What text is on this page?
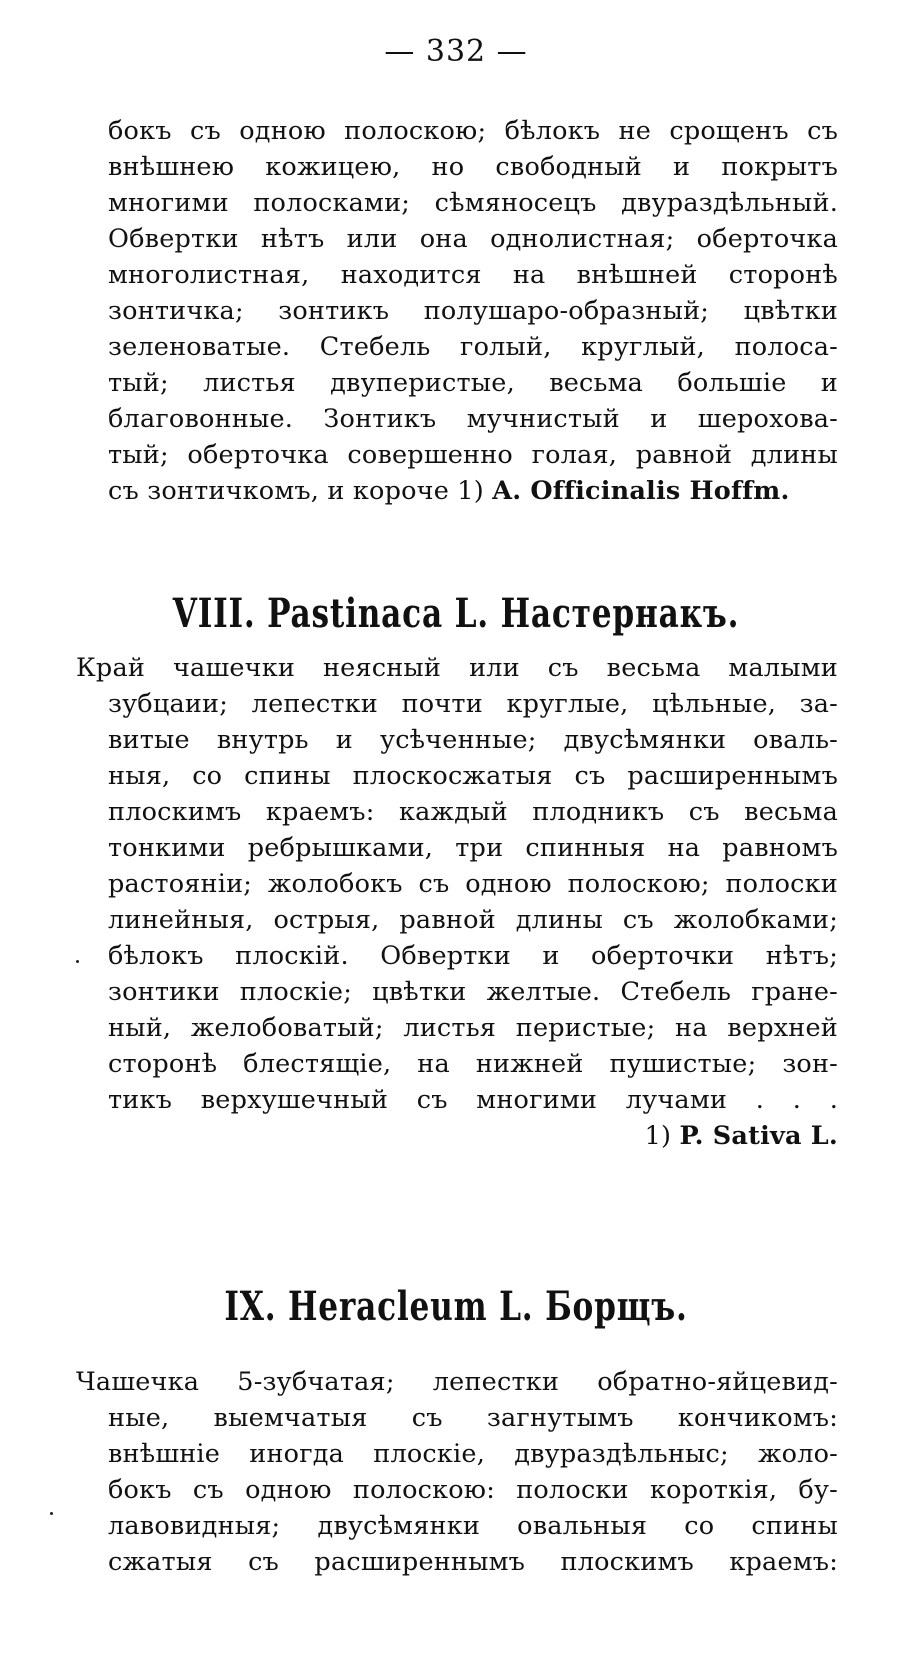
— 332 —
бокъ съ одною полоскою; бѣлокъ не срощенъ съ
внѣшнею кожицею, но свободный и покрытъ
многими полосками; сѣмяносецъ двураздѣльный.
Обвертки нѣтъ или она однолистная; оберточка
многолистная, находится на внѣшней сторонѣ
зонтичка; зонтикъ полушаро-образный; цвѣтки
зеленоватые. Стебель голый, круглый, полоса-
тый; листья двуперистые, весьма большіе и
благовонные. Зонтикъ мучнистый и шерохова-
тый; оберточка совершенно голая, равной длины
съ зонтичкомъ, и короче 1) A. Officinalis Hoffm.
VIII. Pastinaca L. Настернакъ.
Край чашечки неясный или съ весьма малыми
зубцаии; лепестки почти круглые, цѣльные, за-
витые внутрь и усѣченные; двусѣмянки оваль-
ныя, со спины плоскосжатыя съ расширеннымъ
плоскимъ краемъ: каждый плодникъ съ весьма
тонкими ребрышками, три спинныя на равномъ
растояніи; жолобокъ съ одною полоскою; полоски
линейныя, острыя, равной длины съ жолобками;
бѣлокъ плоскій. Обвертки и оберточки нѣтъ;
зонтики плоскіе; цвѣтки желтые. Стебель гране-
ный, желобоватый; листья перистые; на верхней
сторонѣ блестящіе, на нижней пушистые; зон-
тикъ верхушечный съ многими лучами . . .
1) P. Sativa L.
IX. Heracleum L. Борщъ.
Чашечка 5-зубчатая; лепестки обратно-яйцевид-
ные, выемчатыя съ загнутымъ кончикомъ:
внѣшніе иногда плоскіе, двураздѣльныс; жоло-
бокъ съ одною полоскою: полоски короткія, бу-
лавовидныя; двусѣмянки овальныя со спины
сжатыя съ расширеннымъ плоскимъ краемъ:
